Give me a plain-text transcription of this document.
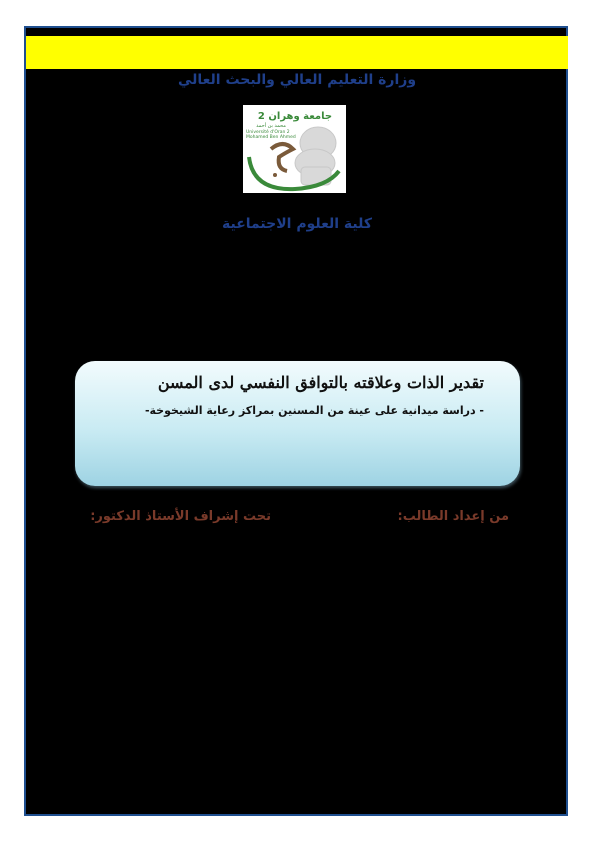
وزارة التعليم العالي والبحث العالي
جامعة وهران 2
محمد بن أحمد
Université d'Oran 2
Mohamed Ben Ahmed
كلية العلوم الاجتماعية
تقدير الذات وعلاقته بالتوافق النفسي لدى المسن
- دراسة ميدانية على عينة من المسنين بمراكز رعاية الشيخوخة-
من إعداد الطالب:
تحت إشراف الأستاذ الدكتور:
